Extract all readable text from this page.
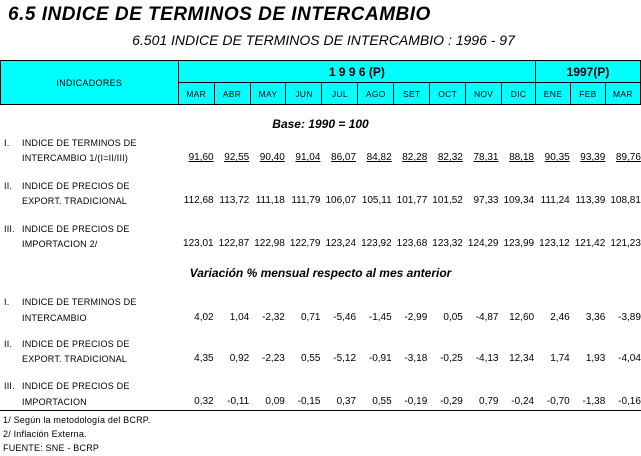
6.5 INDICE DE TERMINOS DE INTERCAMBIO
6.501 INDICE DE TERMINOS DE INTERCAMBIO : 1996 - 97
INDICADORES	1 9 9 6 (P)										1997(P)		
	MAR	ABR	MAY	JUN	JUL	AGO	SET	OCT	NOV	DIC	ENE	FEB	MAR
Base: 1990 = 100
I. INDICE DE TERMINOS DE
INTERCAMBIO 1/(I=II/III)	91,60	92,55	90,40	91,04	86,07	84,82	82,28	82,32	78,31	88,18	90,35	93,39	89,76
II. INDICE DE PRECIOS DE
EXPORT. TRADICIONAL	112,68 113,72 111,18 111,79 106,07 105,11 101,77 101,52	97,33 109,34 111,24 113,39 108,81
III. INDICE DE PRECIOS DE
IMPORTACION 2/	123,01 122,87 122,98 122,79 123,24 123,92 123,68 123,32 124,29 123,99 123,12 121,42 121,23
Variación % mensual respecto al mes anterior
I. INDICE DE TERMINOS DE
INTERCAMBIO	4,02	1,04	-2,32	0,71	-5,46	-1,45	-2,99	0,05	-4,87	12,60	2,46	3,36	-3,89
II. INDICE DE PRECIOS DE
EXPORT. TRADICIONAL	4,35	0,92	-2,23	0,55	-5,12	-0,91	-3,18	-0,25	-4,13	12,34	1,74	1,93	-4,04
III. INDICE DE PRECIOS DE
IMPORTACION	0,32	-0,11	0,09	-0,15	0,37	0,55	-0,19	-0,29	0,79	-0,24	-0,70	-1,38	-0,16
1/ Según la metodología del BCRP.
2/ Inflación Externa.
FUENTE: SNE - BCRP
